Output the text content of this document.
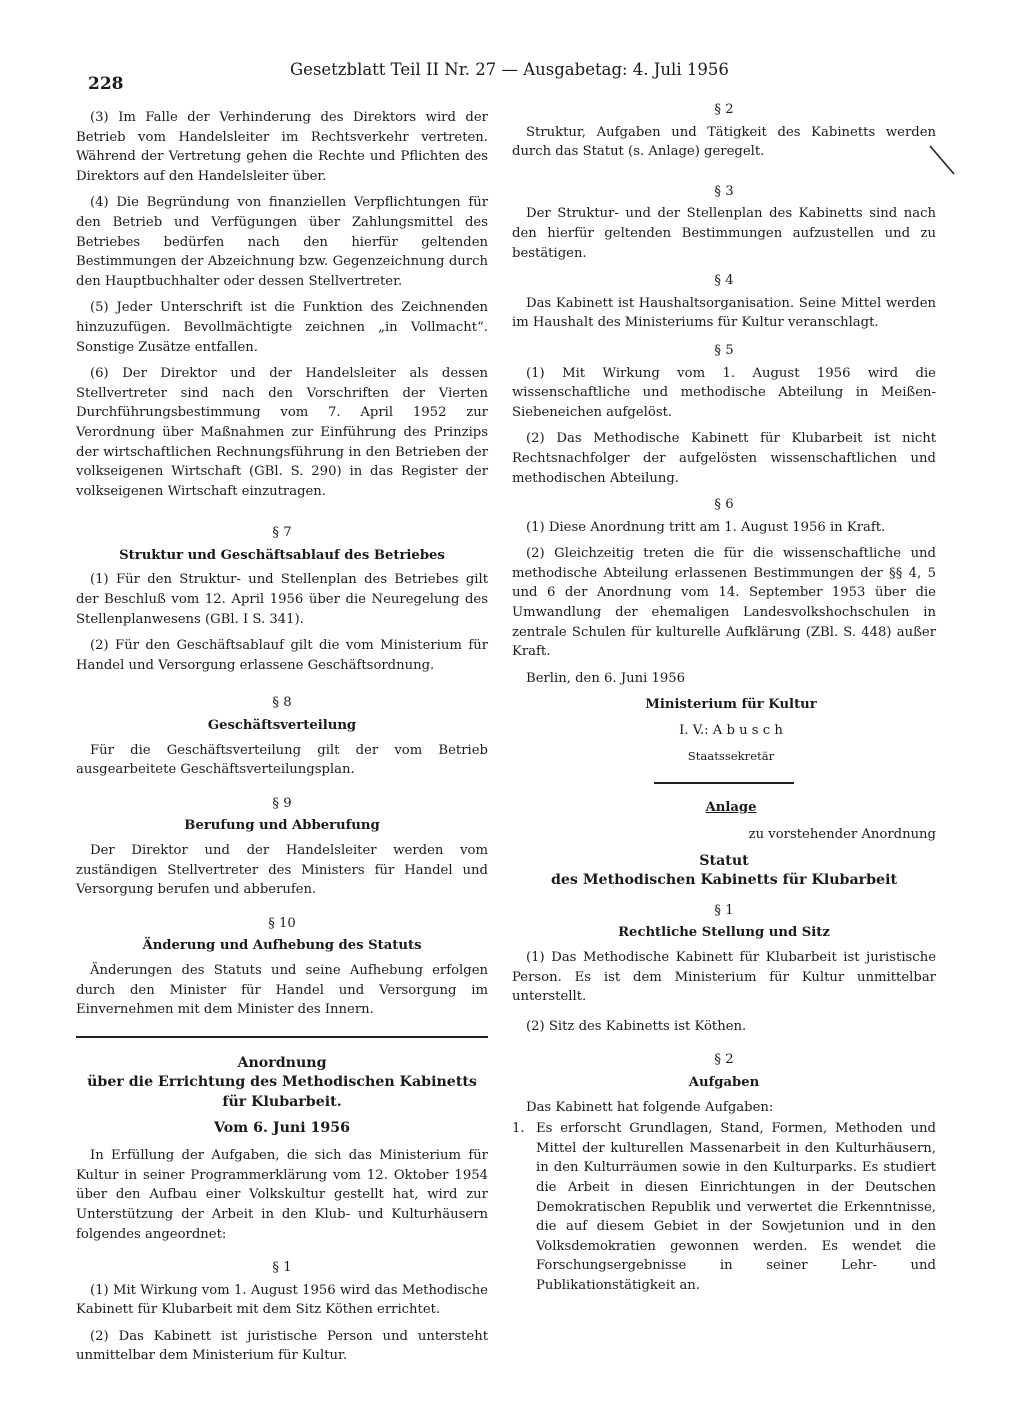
228
Gesetzblatt Teil II Nr. 27 — Ausgabetag: 4. Juli 1956

(3) Im Falle der Verhinderung des Direktors wird der Betrieb vom Handelsleiter im Rechtsverkehr vertreten. Während der Vertretung gehen die Rechte und Pflichten des Direktors auf den Handelsleiter über.

(4) Die Begründung von finanziellen Verpflichtungen für den Betrieb und Verfügungen über Zahlungsmittel des Betriebes bedürfen nach den hierfür geltenden Bestimmungen der Abzeichnung bzw. Gegenzeichnung durch den Hauptbuchhalter oder dessen Stellvertreter.

(5) Jeder Unterschrift ist die Funktion des Zeichnenden hinzuzufügen. Bevollmächtigte zeichnen „in Vollmacht“. Sonstige Zusätze entfallen.

(6) Der Direktor und der Handelsleiter als dessen Stellvertreter sind nach den Vorschriften der Vierten Durchführungsbestimmung vom 7. April 1952 zur Verordnung über Maßnahmen zur Einführung des Prinzips der wirtschaftlichen Rechnungsführung in den Betrieben der volkseigenen Wirtschaft (GBl. S. 290) in das Register der volkseigenen Wirtschaft einzutragen.

§ 7

Struktur und Geschäftsablauf des Betriebes

(1) Für den Struktur- und Stellenplan des Betriebes gilt der Beschluß vom 12. April 1956 über die Neuregelung des Stellenplanwesens (GBl. I S. 341).

(2) Für den Geschäftsablauf gilt die vom Ministerium für Handel und Versorgung erlassene Geschäftsordnung.

§ 8

Geschäftsverteilung

Für die Geschäftsverteilung gilt der vom Betrieb ausgearbeitete Geschäftsverteilungsplan.

§ 9

Berufung und Abberufung

Der Direktor und der Handelsleiter werden vom zuständigen Stellvertreter des Ministers für Handel und Versorgung berufen und abberufen.

§ 10

Änderung und Aufhebung des Statuts

Änderungen des Statuts und seine Aufhebung erfolgen durch den Minister für Handel und Versorgung im Einvernehmen mit dem Minister des Innern.

Anordnung
über die Errichtung des Methodischen Kabinetts
für Klubarbeit.

Vom 6. Juni 1956

In Erfüllung der Aufgaben, die sich das Ministerium für Kultur in seiner Programmerklärung vom 12. Oktober 1954 über den Aufbau einer Volkskultur gestellt hat, wird zur Unterstützung der Arbeit in den Klub- und Kulturhäusern folgendes angeordnet:

§ 1

(1) Mit Wirkung vom 1. August 1956 wird das Methodische Kabinett für Klubarbeit mit dem Sitz Köthen errichtet.

(2) Das Kabinett ist juristische Person und untersteht unmittelbar dem Ministerium für Kultur.

§ 2

Struktur, Aufgaben und Tätigkeit des Kabinetts werden durch das Statut (s. Anlage) geregelt.

§ 3

Der Struktur- und der Stellenplan des Kabinetts sind nach den hierfür geltenden Bestimmungen aufzustellen und zu bestätigen.

§ 4

Das Kabinett ist Haushaltsorganisation. Seine Mittel werden im Haushalt des Ministeriums für Kultur veranschlagt.

§ 5

(1) Mit Wirkung vom 1. August 1956 wird die wissenschaftliche und methodische Abteilung in Meißen-Siebeneichen aufgelöst.

(2) Das Methodische Kabinett für Klubarbeit ist nicht Rechtsnachfolger der aufgelösten wissenschaftlichen und methodischen Abteilung.

§ 6

(1) Diese Anordnung tritt am 1. August 1956 in Kraft.

(2) Gleichzeitig treten die für die wissenschaftliche und methodische Abteilung erlassenen Bestimmungen der §§ 4, 5 und 6 der Anordnung vom 14. September 1953 über die Umwandlung der ehemaligen Landesvolkshochschulen in zentrale Schulen für kulturelle Aufklärung (ZBl. S. 448) außer Kraft.

Berlin, den 6. Juni 1956

Ministerium für Kultur

I. V.: A b u s c h

Staatssekretär

Anlage

zu vorstehender Anordnung

Statut
des Methodischen Kabinetts für Klubarbeit

§ 1

Rechtliche Stellung und Sitz

(1) Das Methodische Kabinett für Klubarbeit ist juristische Person. Es ist dem Ministerium für Kultur unmittelbar unterstellt.

(2) Sitz des Kabinetts ist Köthen.

§ 2

Aufgaben

Das Kabinett hat folgende Aufgaben:

1. Es erforscht Grundlagen, Stand, Formen, Methoden und Mittel der kulturellen Massenarbeit in den Kulturhäusern, in den Kulturräumen sowie in den Kulturparks. Es studiert die Arbeit in diesen Einrichtungen in der Deutschen Demokratischen Republik und verwertet die Erkenntnisse, die auf diesem Gebiet in der Sowjetunion und in den Volksdemokratien gewonnen werden. Es wendet die Forschungsergebnisse in seiner Lehr- und Publikationstätigkeit an.
